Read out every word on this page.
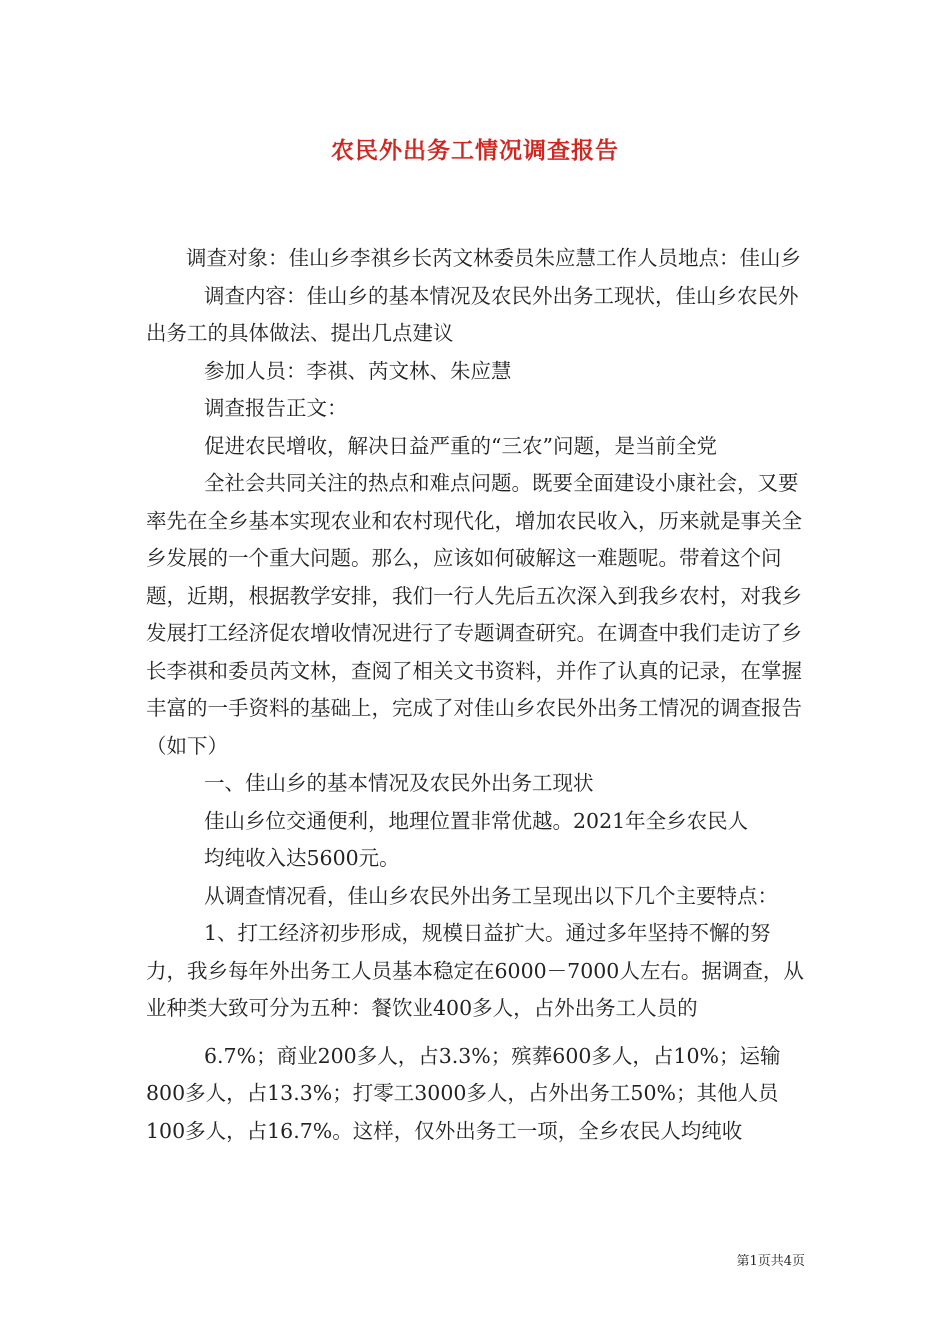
农民外出务工情况调查报告

调查对象：佳山乡李祺乡长芮文林委员朱应慧工作人员地点：佳山乡

调查内容：佳山乡的基本情况及农民外出务工现状，佳山乡农民外出务工的具体做法、提出几点建议

参加人员：李祺、芮文林、朱应慧

调查报告正文：

促进农民增收，解决日益严重的“三农”问题，是当前全党

全社会共同关注的热点和难点问题。既要全面建设小康社会，又要率先在全乡基本实现农业和农村现代化，增加农民收入，历来就是事关全乡发展的一个重大问题。那么，应该如何破解这一难题呢。带着这个问题，近期，根据教学安排，我们一行人先后五次深入到我乡农村，对我乡发展打工经济促农增收情况进行了专题调查研究。在调查中我们走访了乡长李祺和委员芮文林，查阅了相关文书资料，并作了认真的记录，在掌握丰富的一手资料的基础上，完成了对佳山乡农民外出务工情况的调查报告（如下）

一、佳山乡的基本情况及农民外出务工现状

佳山乡位交通便利，地理位置非常优越。2021年全乡农民人

均纯收入达5600元。

从调查情况看，佳山乡农民外出务工呈现出以下几个主要特点：

1、打工经济初步形成，规模日益扩大。通过多年坚持不懈的努力，我乡每年外出务工人员基本稳定在6000－7000人左右。据调查，从业种类大致可分为五种：餐饮业400多人，占外出务工人员的

6.7%；商业200多人，占3.3%；殡葬600多人，占10%；运输800多人，占13.3%；打零工3000多人，占外出务工50%；其他人员100多人，占16.7%。这样，仅外出务工一项，全乡农民人均纯收

第1页共4页
